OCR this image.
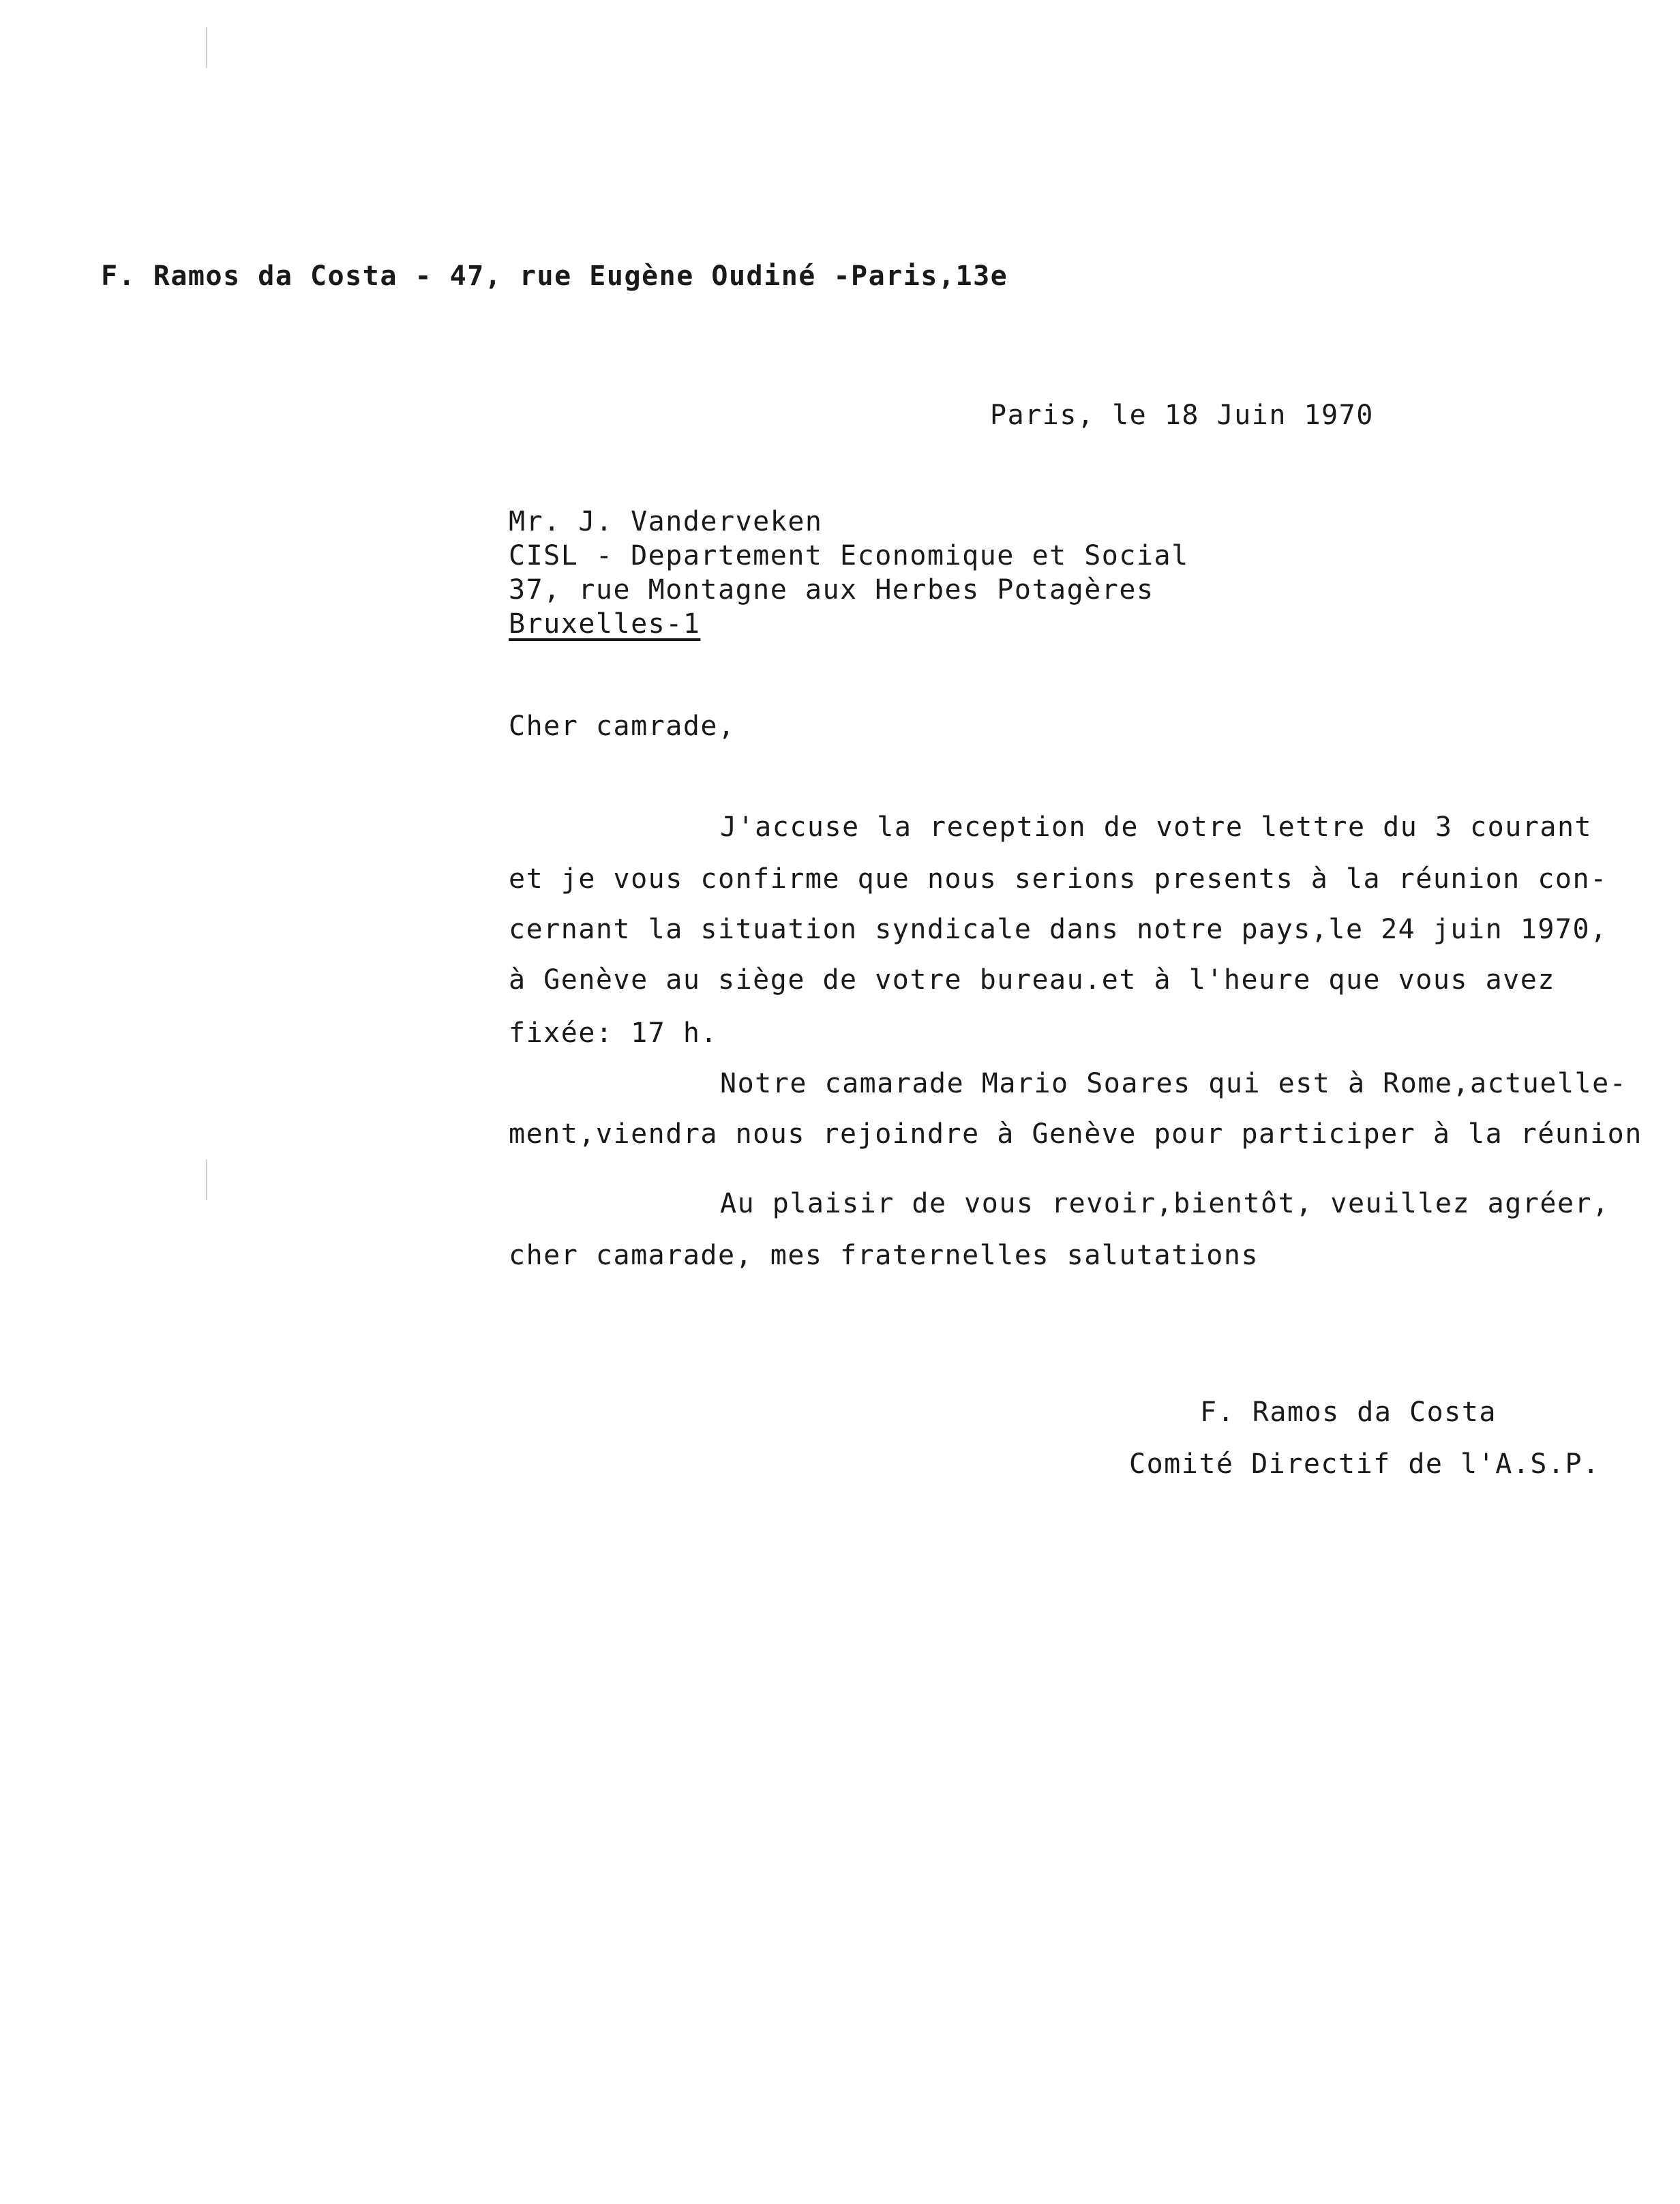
F. Ramos da Costa - 47, rue Eugène Oudiné -Paris,13e
Paris, le 18 Juin 1970
Mr. J. Vanderveken
CISL - Departement Economique et Social
37, rue Montagne aux Herbes Potagères
Bruxelles-1
Cher camrade,
J'accuse la reception de votre lettre du 3 courant
et je vous confirme que nous serions presents à la réunion con-
cernant la situation syndicale dans notre pays,le 24 juin 1970,
à Genève au siège de votre bureau.et à l'heure que vous avez
fixée: 17 h.
Notre camarade Mario Soares qui est à Rome,actuelle-
ment,viendra nous rejoindre à Genève pour participer à la réunion
Au plaisir de vous revoir,bientôt, veuillez agréer,
cher camarade, mes fraternelles salutations
F. Ramos da Costa
Comité Directif de l'A.S.P.
